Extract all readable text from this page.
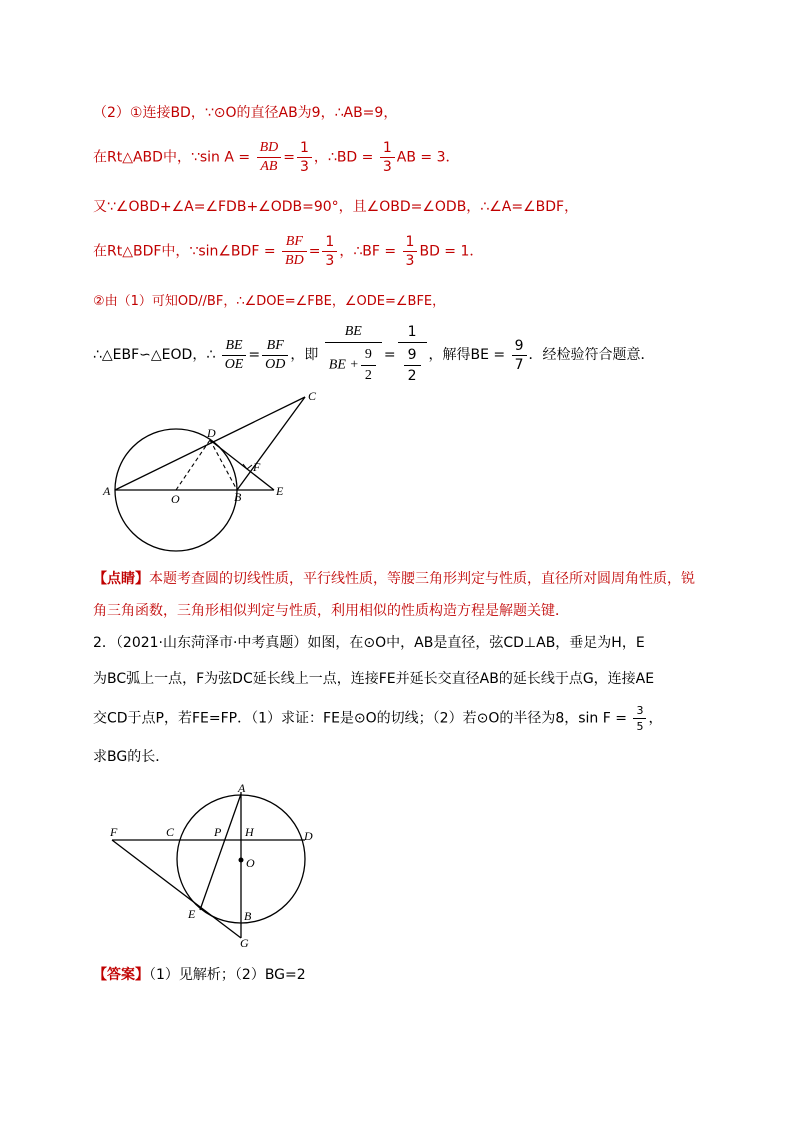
（2）①连接BD，∵⊙O的直径AB为9，∴AB=9，
在Rt△ABD中，∵sin $A = \frac{BD}{AB} = \frac{1}{3}$ ，∴BD = $\frac{1}{3}$ AB = 3．
又∵∠OBD+∠A=∠FDB+∠ODB=90°，且∠OBD=∠ODB，∴∠A=∠BDF，
在Rt△BDF中，∵sin∠BDF = $\frac{BF}{BD} = \frac{1}{3}$ ，∴BF = $\frac{1}{3}$ BD = 1．
②由（1）可知OD//BF，∴∠DOE=∠FBE，∠ODE=∠BFE，
∴△EBF∽△EOD，∴ $\frac{BE}{OE} = \frac{BF}{OD}$ ，即 $\frac{BE}{BE + \frac{9}{2}} = \frac{1}{\frac{9}{2}}$ ，解得BE = $\frac{9}{7}$ ．经检验符合题意．
A	B
C
D
E
F
O
【点睛】本题考查圆的切线性质，平行线性质，等腰三角形判定与性质，直径所对圆周角性质，锐
角三角函数，三角形相似判定与性质，利用相似的性质构造方程是解题关键．
2．（2021·山东菏泽市·中考真题）如图，在⊙O中，AB是直径，弦CD⊥AB，垂足为H，E
为BC弧上一点，F为弦DC延长线上一点，连接FE并延长交直径AB的延长线于点G，连接AE
交CD于点P，若FE=FP．（1）求证：FE是⊙O的切线；（2）若⊙O的半径为8，$\sin F = \frac{3}{5}$ ，
求BG的长．
A
B
C	D
E
F
G
H
O
P
【答案】（1）见解析；（2）BG=2
